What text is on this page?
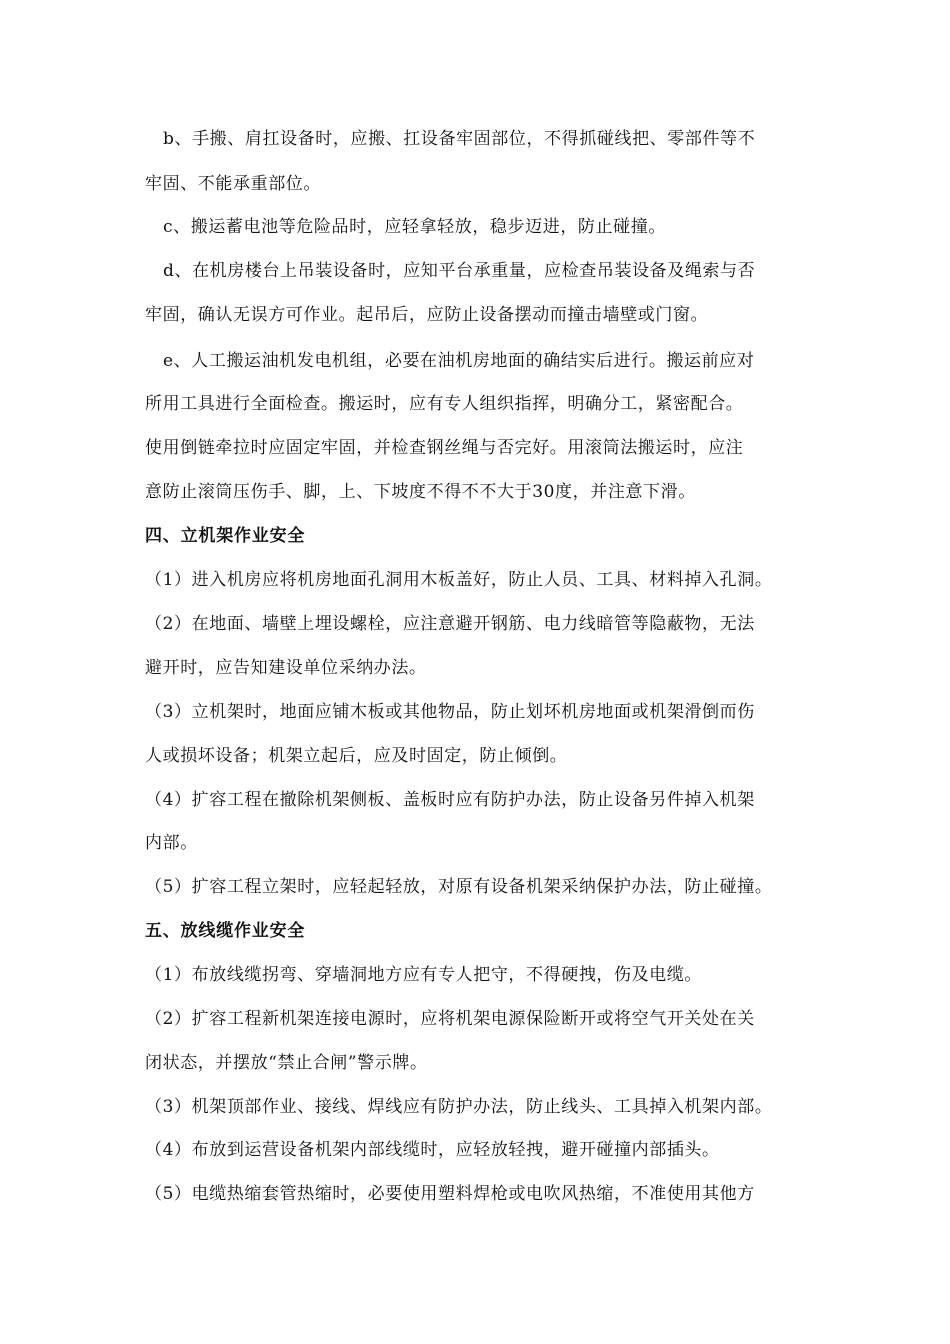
b、手搬、肩扛设备时，应搬、扛设备牢固部位，不得抓碰线把、零部件等不
牢固、不能承重部位。
c、搬运蓄电池等危险品时，应轻拿轻放，稳步迈进，防止碰撞。
d、在机房楼台上吊装设备时，应知平台承重量，应检查吊装设备及绳索与否
牢固，确认无误方可作业。起吊后，应防止设备摆动而撞击墙壁或门窗。
e、人工搬运油机发电机组，必要在油机房地面的确结实后进行。搬运前应对
所用工具进行全面检查。搬运时，应有专人组织指挥，明确分工，紧密配合。
使用倒链牵拉时应固定牢固，并检查钢丝绳与否完好。用滚筒法搬运时，应注
意防止滚筒压伤手、脚，上、下坡度不得不不大于30度，并注意下滑。
四、立机架作业安全
（1）进入机房应将机房地面孔洞用木板盖好，防止人员、工具、材料掉入孔洞。
（2）在地面、墙壁上埋设螺栓，应注意避开钢筋、电力线暗管等隐蔽物，无法
避开时，应告知建设单位采纳办法。
（3）立机架时，地面应铺木板或其他物品，防止划坏机房地面或机架滑倒而伤
人或损坏设备；机架立起后，应及时固定，防止倾倒。
（4）扩容工程在撤除机架侧板、盖板时应有防护办法，防止设备另件掉入机架
内部。
（5）扩容工程立架时，应轻起轻放，对原有设备机架采纳保护办法，防止碰撞。
五、放线缆作业安全
（1）布放线缆拐弯、穿墙洞地方应有专人把守，不得硬拽，伤及电缆。
（2）扩容工程新机架连接电源时，应将机架电源保险断开或将空气开关处在关
闭状态，并摆放“禁止合闸”警示牌。
（3）机架顶部作业、接线、焊线应有防护办法，防止线头、工具掉入机架内部。
（4）布放到运营设备机架内部线缆时，应轻放轻拽，避开碰撞内部插头。
（5）电缆热缩套管热缩时，必要使用塑料焊枪或电吹风热缩，不准使用其他方
